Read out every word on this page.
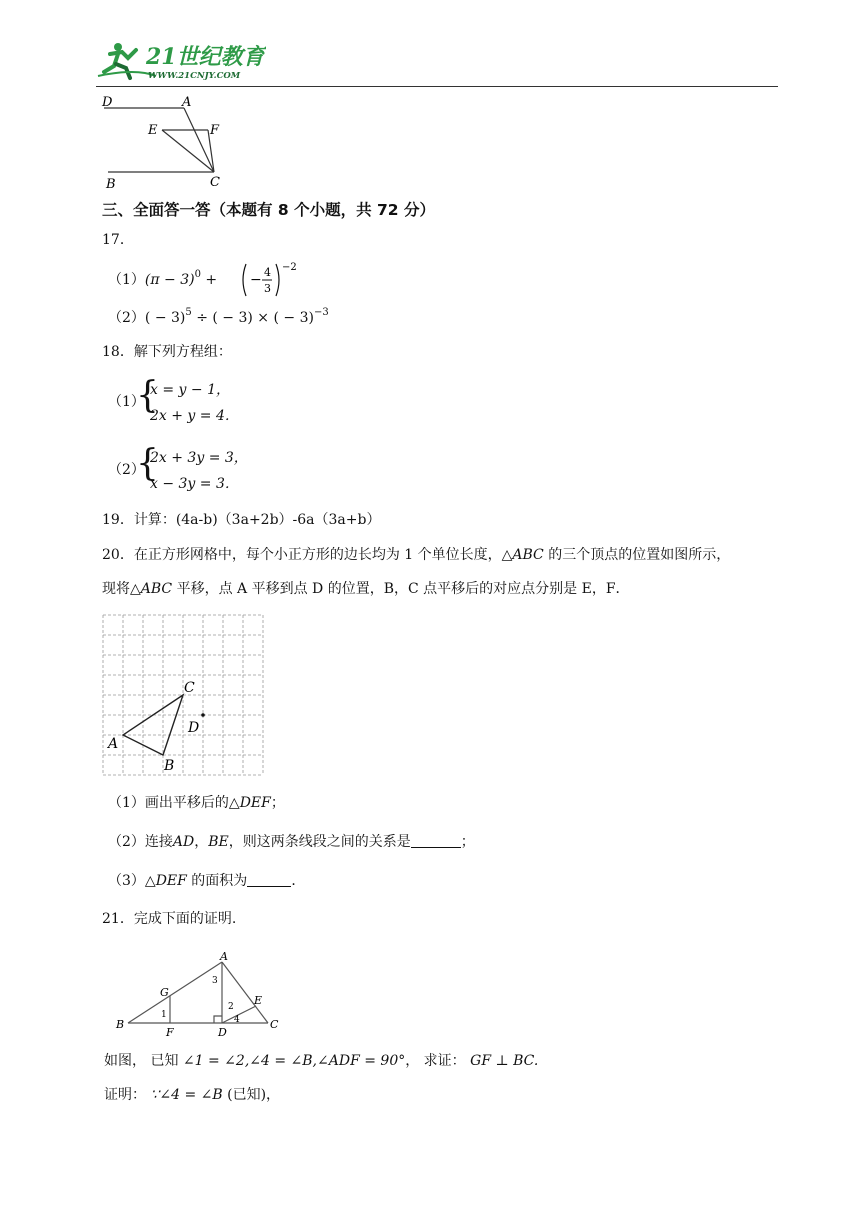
21世纪教育
WWW.21CNJY.COM
D	A
E	F
B	C
三、全面答一答（本题有 8 个小题，共 72 分）
17．
$(1)(\pi - 3)^0$ + − 4
3
−2
$(2)( - 3)^5$ ÷ ( − 3) × ( − 3)$^{-3}$
18．解下列方程组：
（1）
{
x = y − 1，
2x + y = 4．
（2）
{
2x + 3y = 3，
x − 3y = 3．
19．计算：(4a-b)（3a+2b）-6a（3a+b）
20．在正方形网格中，每个小正方形的边长均为 1 个单位长度，△ABC 的三个顶点的位置如图所示，
现将△ABC 平移，点 A 平移到点 D 的位置，B，C 点平移后的对应点分别是 E，F．
A
B
C
D
（1）画出平移后的△DEF；
（2）连接AD，BE，则这两条线段之间的关系是	；
（3）△DEF 的面积为	．
21．完成下面的证明.
A
B	C
D
E
F
G
1
2
3
4
如图， 已知 ∠1 = ∠2,∠4 = ∠B,∠ADF = 90°， 求证： GF ⊥ BC.
证明： ∵∠4 = ∠B (已知)，
